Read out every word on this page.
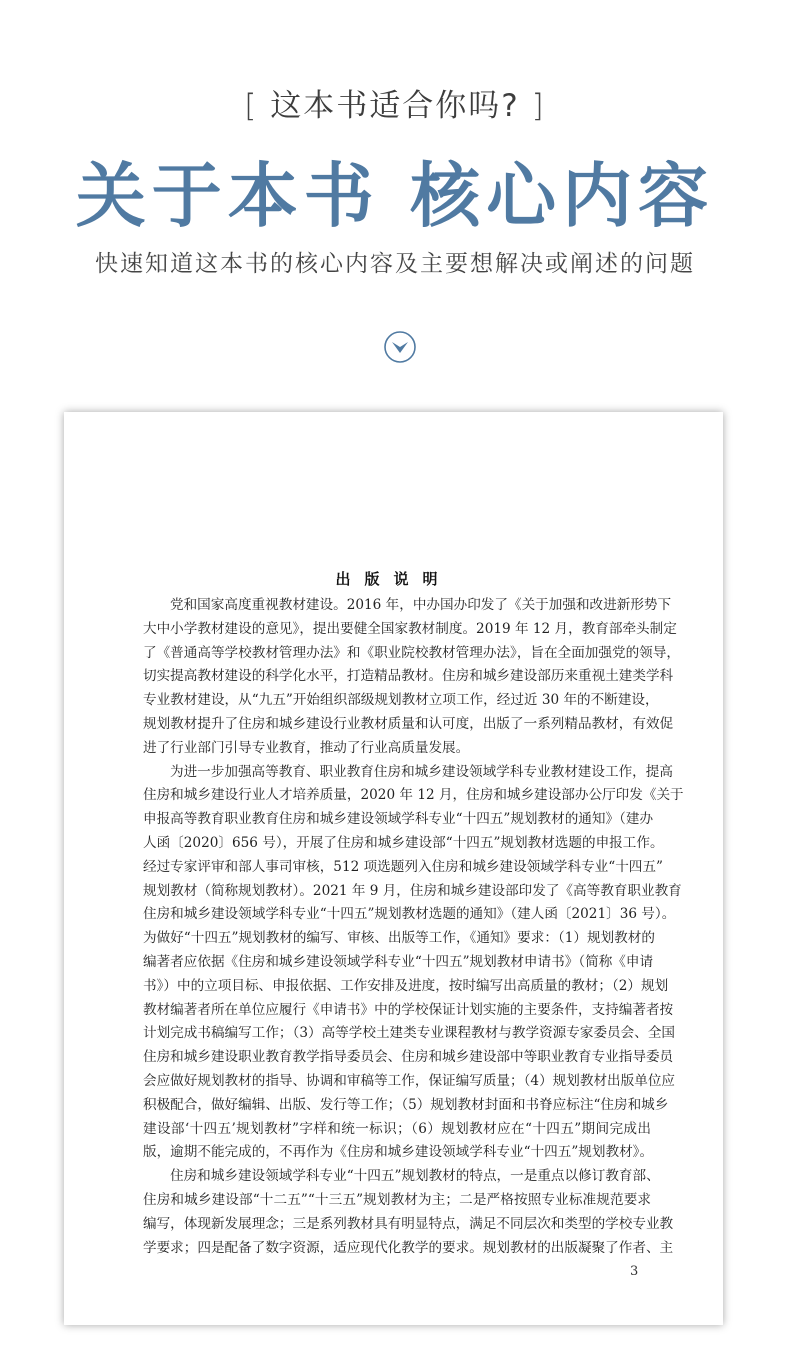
[ 这本书适合你吗? ]
关于本书 核心内容
快速知道这本书的核心内容及主要想解决或阐述的问题
出版说明
党和国家高度重视教材建设。2016 年，中办国办印发了《关于加强和改进新形势下
大中小学教材建设的意见》，提出要健全国家教材制度。2019 年 12 月，教育部牵头制定
了《普通高等学校教材管理办法》和《职业院校教材管理办法》，旨在全面加强党的领导，
切实提高教材建设的科学化水平，打造精品教材。住房和城乡建设部历来重视土建类学科
专业教材建设，从“九五”开始组织部级规划教材立项工作，经过近 30 年的不断建设，
规划教材提升了住房和城乡建设行业教材质量和认可度，出版了一系列精品教材，有效促
进了行业部门引导专业教育，推动了行业高质量发展。
为进一步加强高等教育、职业教育住房和城乡建设领域学科专业教材建设工作，提高
住房和城乡建设行业人才培养质量，2020 年 12 月，住房和城乡建设部办公厅印发《关于
申报高等教育职业教育住房和城乡建设领域学科专业“十四五”规划教材的通知》（建办
人函〔2020〕656 号），开展了住房和城乡建设部“十四五”规划教材选题的申报工作。
经过专家评审和部人事司审核，512 项选题列入住房和城乡建设领域学科专业“十四五”
规划教材（简称规划教材）。2021 年 9 月，住房和城乡建设部印发了《高等教育职业教育
住房和城乡建设领域学科专业“十四五”规划教材选题的通知》（建人函〔2021〕36 号）。
为做好“十四五”规划教材的编写、审核、出版等工作，《通知》要求：（1）规划教材的
编著者应依据《住房和城乡建设领域学科专业“十四五”规划教材申请书》（简称《申请
书》）中的立项目标、申报依据、工作安排及进度，按时编写出高质量的教材；（2）规划
教材编著者所在单位应履行《申请书》中的学校保证计划实施的主要条件，支持编著者按
计划完成书稿编写工作；（3）高等学校土建类专业课程教材与教学资源专家委员会、全国
住房和城乡建设职业教育教学指导委员会、住房和城乡建设部中等职业教育专业指导委员
会应做好规划教材的指导、协调和审稿等工作，保证编写质量；（4）规划教材出版单位应
积极配合，做好编辑、出版、发行等工作；（5）规划教材封面和书脊应标注“住房和城乡
建设部‘十四五’规划教材”字样和统一标识；（6）规划教材应在“十四五”期间完成出
版，逾期不能完成的，不再作为《住房和城乡建设领域学科专业“十四五”规划教材》。
住房和城乡建设领域学科专业“十四五”规划教材的特点，一是重点以修订教育部、
住房和城乡建设部“十二五”“十三五”规划教材为主；二是严格按照专业标准规范要求
编写，体现新发展理念；三是系列教材具有明显特点，满足不同层次和类型的学校专业教
学要求；四是配备了数字资源，适应现代化教学的要求。规划教材的出版凝聚了作者、主
3
